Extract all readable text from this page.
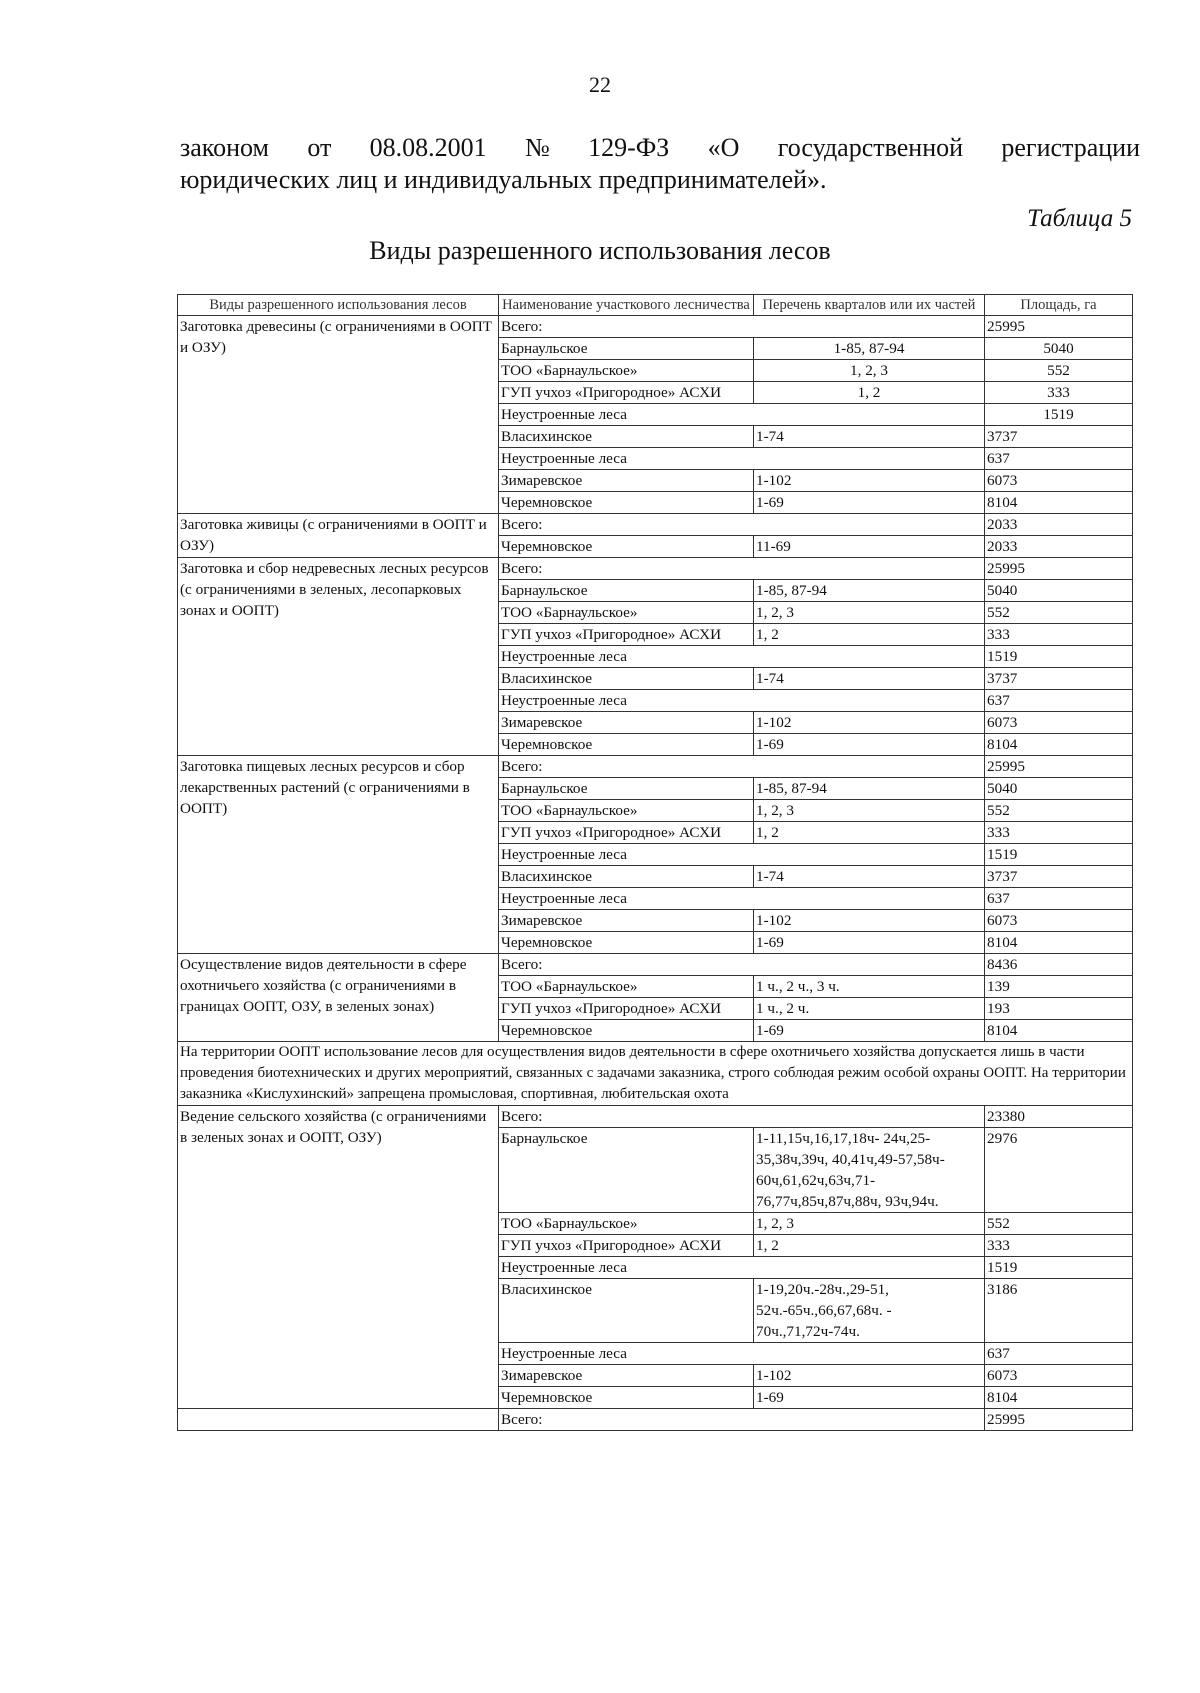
22
законом от 08.08.2001 № 129-ФЗ «О государственной регистрации
юридических лиц и индивидуальных предпринимателей».
Таблица 5
Виды разрешенного использования лесов
Виды разрешенного использования лесов	Наименование участкового лесничества	Перечень кварталов или их частей	Площадь, га
Заготовка древесины (с ограничениями в ООПТ и ОЗУ)	Всего:		25995
	Барнаульское	1-85, 87-94	5040
	ТОО «Барнаульское»	1, 2, 3	552
	ГУП учхоз «Пригородное» АСХИ	1, 2	333
	Неустроенные леса		1519
	Власихинское	1-74	3737
	Неустроенные леса		637
	Зимаревское	1-102	6073
	Черемновское	1-69	8104
Заготовка живицы (с ограничениями в ООПТ и ОЗУ)	Всего:		2033
	Черемновское	11-69	2033
Заготовка и сбор недревесных лесных ресурсов (с ограничениями в зеленых, лесопарковых зонах и ООПТ)	Всего:		25995
	Барнаульское	1-85, 87-94	5040
	ТОО «Барнаульское»	1, 2, 3	552
	ГУП учхоз «Пригородное» АСХИ	1, 2	333
	Неустроенные леса		1519
	Власихинское	1-74	3737
	Неустроенные леса		637
	Зимаревское	1-102	6073
	Черемновское	1-69	8104
Заготовка пищевых лесных ресурсов и сбор лекарственных растений (с ограничениями в ООПТ)	Всего:		25995
	Барнаульское	1-85, 87-94	5040
	ТОО «Барнаульское»	1, 2, 3	552
	ГУП учхоз «Пригородное» АСХИ	1, 2	333
	Неустроенные леса		1519
	Власихинское	1-74	3737
	Неустроенные леса		637
	Зимаревское	1-102	6073
	Черемновское	1-69	8104
Осуществление видов деятельности в сфере охотничьего хозяйства (с ограничениями в границах ООПТ, ОЗУ, в зеленых зонах)	Всего:		8436
	ТОО «Барнаульское»	1 ч., 2 ч., 3 ч.	139
	ГУП учхоз «Пригородное» АСХИ	1 ч., 2 ч.	193
	Черемновское	1-69	8104
На территории ООПТ использование лесов для осуществления видов деятельности в сфере охотничьего хозяйства допускается лишь в части проведения биотехнических и других мероприятий, связанных с задачами заказника, строго соблюдая режим особой охраны ООПТ. На территории заказника «Кислухинский» запрещена промысловая, спортивная, любительская охота			
Ведение сельского хозяйства (с ограничениями в зеленых зонах и ООПТ, ОЗУ)	Всего:		23380
	Барнаульское	1-11,15ч,16,17,18ч- 24ч,25-35,38ч,39ч, 40,41ч,49-57,58ч- 60ч,61,62ч,63ч,71-76,77ч,85ч,87ч,88ч, 93ч,94ч.	2976
	ТОО «Барнаульское»	1, 2, 3	552
	ГУП учхоз «Пригородное» АСХИ	1, 2	333
	Неустроенные леса		1519
	Власихинское	1-19,20ч.-28ч.,29-51, 52ч.-65ч.,66,67,68ч. - 70ч.,71,72ч-74ч.	3186
	Неустроенные леса		637
	Зимаревское	1-102	6073
	Черемновское	1-69	8104
	Всего:		25995
